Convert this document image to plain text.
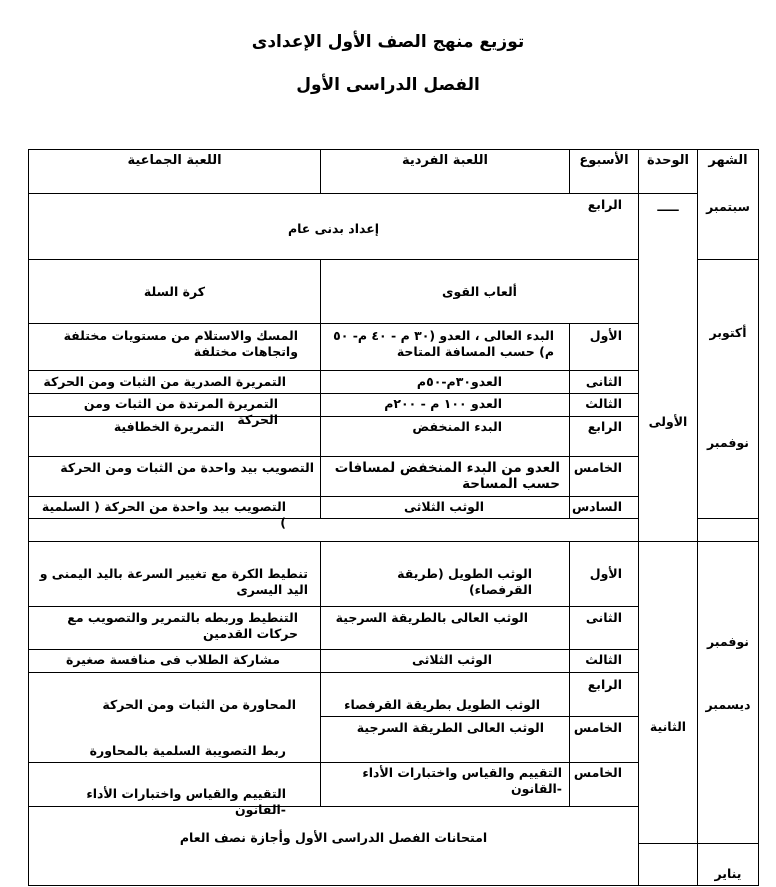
توزيع منهج الصف الأول الإعدادى
الفصل الدراسى الأول
الشهر
الوحدة
الأسبوع
اللعبة الفردية
اللعبة الجماعية
سبتمبر
أكتوبر
نوفمبر
نوفمبر
ديسمبر
يناير
ـــــ
الأولى
الثانية
الرابع
إعداد بدنى عام
ألعاب القوى
كرة السلة
الأول
البدء العالى ، العدو (٣٠ م - ٤٠ م- ٥٠ م) حسب المسافة المتاحة
المسك والاستلام من مستويات مختلفة واتجاهات مختلفة
الثانى
العدو٣٠م-٥٠م
التمريرة الصدرية من الثبات ومن الحركة
الثالث
العدو ١٠٠ م - ٢٠٠م
التمريرة المرتدة من الثبات ومن الحركة	الرابع
البدء المنخفض
التمريرة الخطافية
الخامس
العدو من البدء المنخفض لمسافات حسب المساحة
التصويب بيد واحدة من الثبات ومن الحركة
السادس
الوثب الثلاثى
التصويب بيد واحدة من الحركة ( السلمية )
الأول
الوثب الطويل (طريقة القرفصاء)
تنطيط الكرة مع تغيير السرعة باليد اليمنى و اليد اليسرى
الثانى
الوثب العالى بالطريقة السرجية
التنطيط وربطه بالتمرير والتصويب مع حركات القدمين
الثالث
الوثب الثلاثى
مشاركة الطلاب فى منافسة صغيرة
الرابع
الوثب الطويل بطريقة القرفصاء
المحاورة من الثبات ومن الحركة
الخامس
الوثب العالى الطريقة السرجية
ربط التصويبة السلمية بالمحاورة
الخامس
التقييم والقياس واختبارات الأداء -القانون
التقييم والقياس واختبارات الأداء -القانون
امتحانات الفصل الدراسى الأول وأجازة نصف العام
